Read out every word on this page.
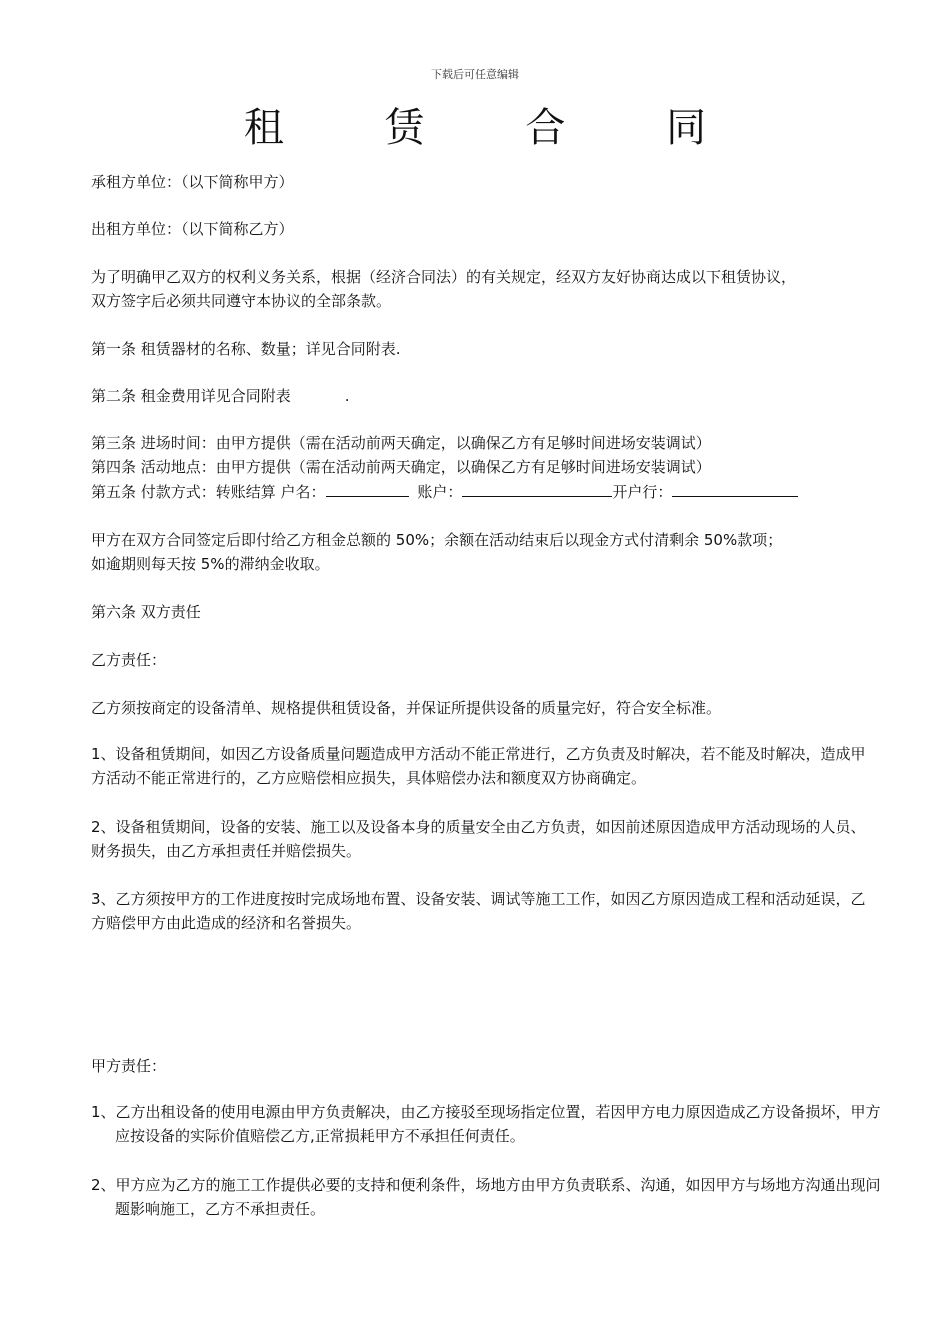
下载后可任意编辑
租 赁 合 同
承租方单位：（以下简称甲方）
出租方单位：（以下简称乙方）
为了明确甲乙双方的权利义务关系，根据（经济合同法）的有关规定，经双方友好协商达成以下租赁协议，
双方签字后必须共同遵守本协议的全部条款。
第一条 租赁器材的名称、数量；详见合同附表.
第二条 租金费用详见合同附表	.
第三条 进场时间：由甲方提供（需在活动前两天确定，以确保乙方有足够时间进场安装调试）
第四条 活动地点：由甲方提供（需在活动前两天确定，以确保乙方有足够时间进场安装调试）
第五条 付款方式：转账结算 户名：	账户：	开户行：
甲方在双方合同签定后即付给乙方租金总额的 50%；余额在活动结束后以现金方式付清剩余 50%款项；
如逾期则每天按 5%的滞纳金收取。
第六条 双方责任
乙方责任：
乙方须按商定的设备清单、规格提供租赁设备，并保证所提供设备的质量完好，符合安全标准。
1、设备租赁期间，如因乙方设备质量问题造成甲方活动不能正常进行，乙方负责及时解决，若不能及时解决，造成甲方活动不能正常进行的，乙方应赔偿相应损失，具体赔偿办法和额度双方协商确定。
2、设备租赁期间，设备的安装、施工以及设备本身的质量安全由乙方负责，如因前述原因造成甲方活动现场的人员、财务损失，由乙方承担责任并赔偿损失。
3、乙方须按甲方的工作进度按时完成场地布置、设备安装、调试等施工工作，如因乙方原因造成工程和活动延误，乙方赔偿甲方由此造成的经济和名誉损失。
甲方责任：
1、乙方出租设备的使用电源由甲方负责解决，由乙方接驳至现场指定位置，若因甲方电力原因造成乙方设备损坏，甲方应按设备的实际价值赔偿乙方,正常损耗甲方不承担任何责任。
2、甲方应为乙方的施工工作提供必要的支持和便利条件，场地方由甲方负责联系、沟通，如因甲方与场地方沟通出现问题影响施工，乙方不承担责任。
